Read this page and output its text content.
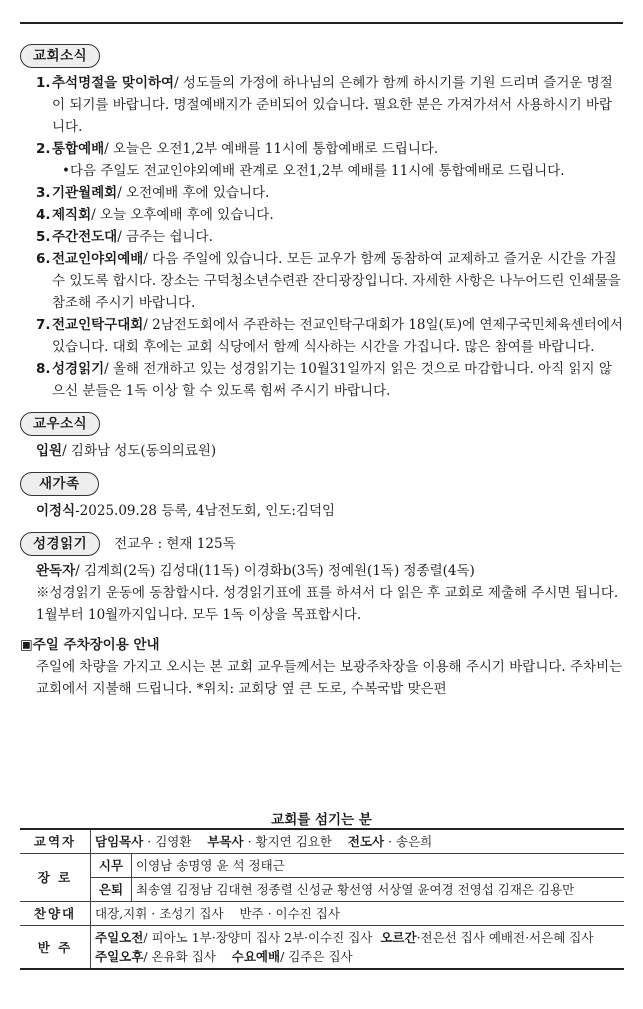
교회소식
1. 추석명절을 맞이하여/ 성도들의 가정에 하나님의 은혜가 함께 하시기를 기원 드리며 즐거운 명절이 되기를 바랍니다. 명절예배지가 준비되어 있습니다. 필요한 분은 가져가셔서 사용하시기 바랍니다.
2. 통합예배/ 오늘은 오전1,2부 예배를 11시에 통합예배로 드립니다.
•다음 주일도 전교인야외예배 관계로 오전1,2부 예배를 11시에 통합예배로 드립니다.
3. 기관월례회/ 오전예배 후에 있습니다.
4. 제직회/ 오늘 오후예배 후에 있습니다.
5. 주간전도대/ 금주는 쉽니다.
6. 전교인야외예배/ 다음 주일에 있습니다. 모든 교우가 함께 동참하여 교제하고 즐거운 시간을 가질 수 있도록 합시다. 장소는 구덕청소년수련관 잔디광장입니다. 자세한 사항은 나누어드린 인쇄물을 참조해 주시기 바랍니다.
7. 전교인탁구대회/ 2남전도회에서 주관하는 전교인탁구대회가 18일(토)에 연제구국민체육센터에서 있습니다. 대회 후에는 교회 식당에서 함께 식사하는 시간을 가집니다. 많은 참여를 바랍니다.
8. 성경읽기/ 올해 전개하고 있는 성경읽기는 10월31일까지 읽은 것으로 마감합니다. 아직 읽지 않으신 분들은 1독 이상 할 수 있도록 힘써 주시기 바랍니다.
교우소식
입원/ 김화남 성도(동의의료원)
새가족
이정식-2025.09.28 등록, 4남전도회, 인도:김덕임
성경읽기 전교우 : 현재 125독
완독자/ 김계희(2독) 김성대(11독) 이경화b(3독) 정예원(1독) 정종렬(4독)
※성경읽기 운동에 동참합시다. 성경읽기표에 표를 하셔서 다 읽은 후 교회로 제출해 주시면 됩니다. 1월부터 10월까지입니다. 모두 1독 이상을 목표합시다.
▣주일 주차장이용 안내
주일에 차량을 가지고 오시는 본 교회 교우들께서는 보광주차장을 이용해 주시기 바랍니다. 주차비는 교회에서 지불해 드립니다. *위치: 교회당 옆 큰 도로, 수복국밥 맞은편
교회를 섬기는 분
교역자	담임목사 · 김영환 부목사 · 황지연 김요한 전도사 · 송은희	
장 로	시무	이영남 송명영 윤 석 정태근
	은퇴	최송열 김정남 김대현 정종렬 신성균 황선영 서상열 윤여경 전영섭 김재은 김용만
찬양대	대장,지휘 · 조성기 집사 반주 · 이수진 집사	
반 주	주일오전/ 피아노 1부·장양미 집사 2부·이수진 집사 오르간·전은선 집사 예배전·서은혜 집사
주일오후/ 온유화 집사 수요예배/ 김주은 집사	
